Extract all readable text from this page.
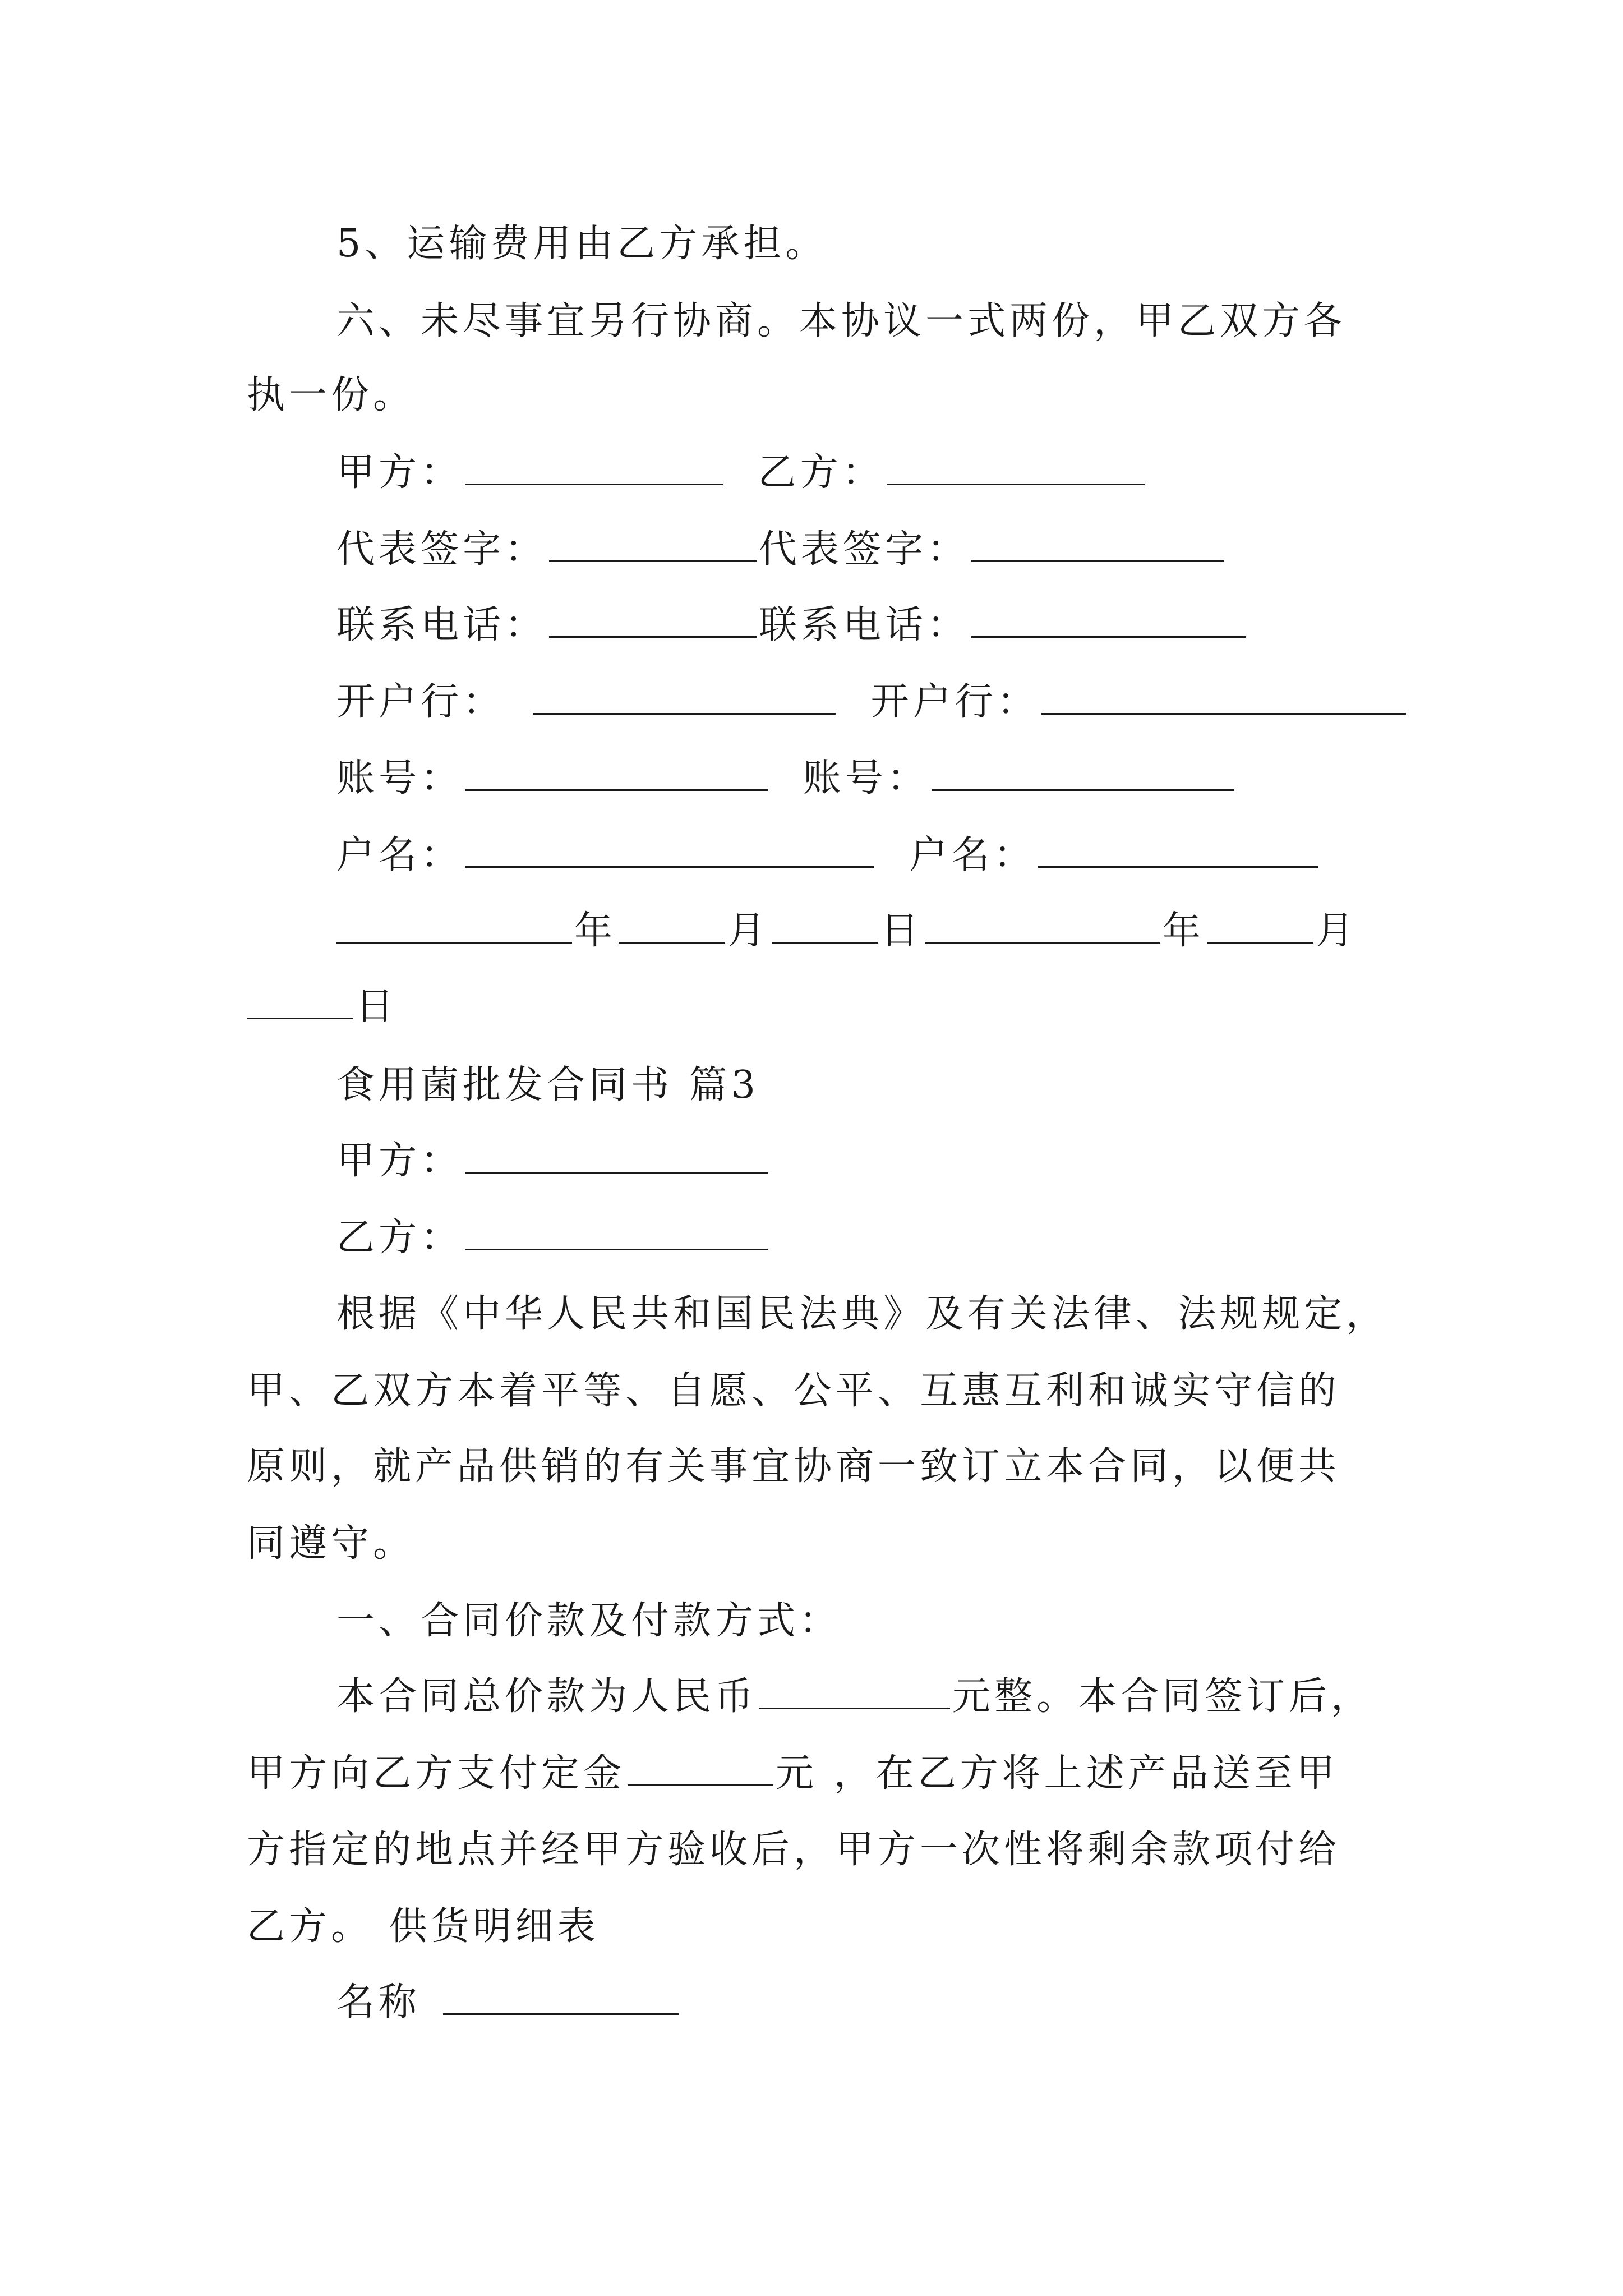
5、运输费用由乙方承担。
六、未尽事宜另行协商。本协议一式两份，甲乙双方各
执一份。
甲方：	乙方：
代表签字：	代表签字：
联系电话：	联系电话：
开户行：	开户行：
账号：	账号：
户名：	户名：
年	月	日	年	月
日
食用菌批发合同书 篇3
甲方：
乙方：
根据《中华人民共和国民法典》及有关法律、法规规定，
甲、乙双方本着平等、自愿、公平、互惠互利和诚实守信的
原则，就产品供销的有关事宜协商一致订立本合同，以便共
同遵守。
一、合同价款及付款方式：
本合同总价款为人民币	元整。本合同签订后，
甲方向乙方支付定金	元 ，在乙方将上述产品送至甲
方指定的地点并经甲方验收后，甲方一次性将剩余款项付给
乙方。 供货明细表
名称
